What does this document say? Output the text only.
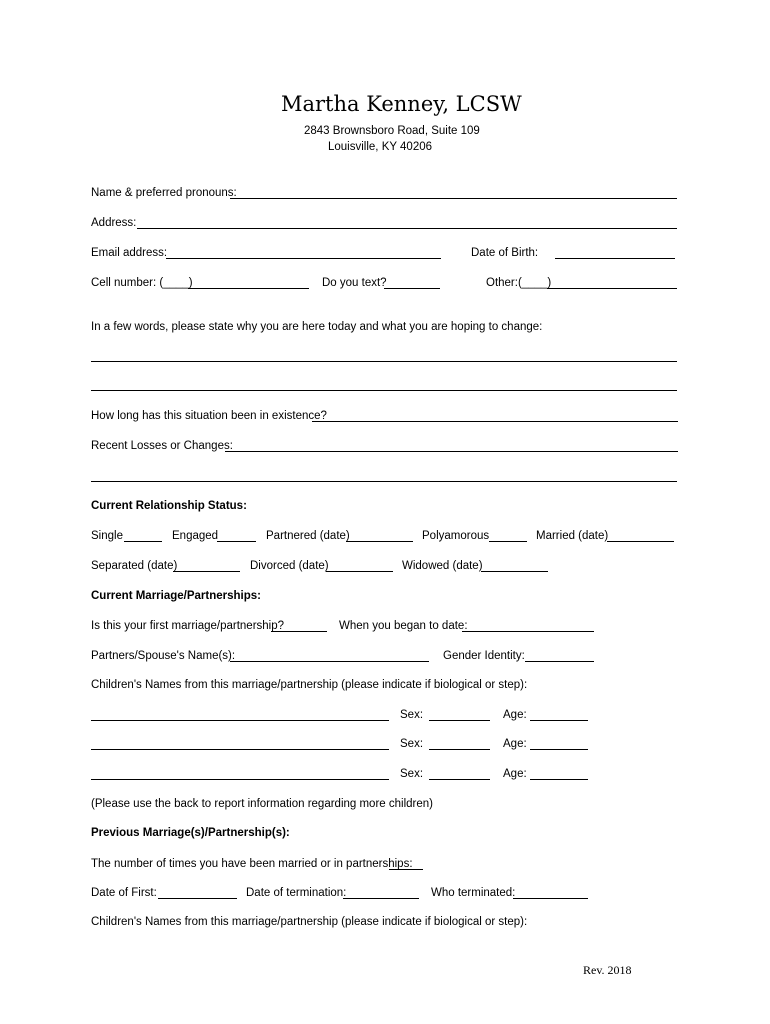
Martha Kenney, LCSW
2843 Brownsboro Road, Suite 109
Louisville, KY 40206
Name & preferred pronouns:
Address:
Email address:	Date of Birth:
Cell number: (____)	Do you text?	Other:(____)
In a few words, please state why you are here today and what you are hoping to change:
How long has this situation been in existence?
Recent Losses or Changes:
Current Relationship Status:
Single	Engaged	Partnered (date)	Polyamorous	Married (date)
Separated (date)	Divorced (date)	Widowed (date)
Current Marriage/Partnerships:
Is this your first marriage/partnership?	When you began to date:
Partners/Spouse's Name(s):	Gender Identity:
Children's Names from this marriage/partnership (please indicate if biological or step):
Sex:	Age:
Sex:	Age:
Sex:	Age:
(Please use the back to report information regarding more children)
Previous Marriage(s)/Partnership(s):
The number of times you have been married or in partnerships:
Date of First:	Date of termination:	Who terminated:
Children's Names from this marriage/partnership (please indicate if biological or step):
Rev. 2018
